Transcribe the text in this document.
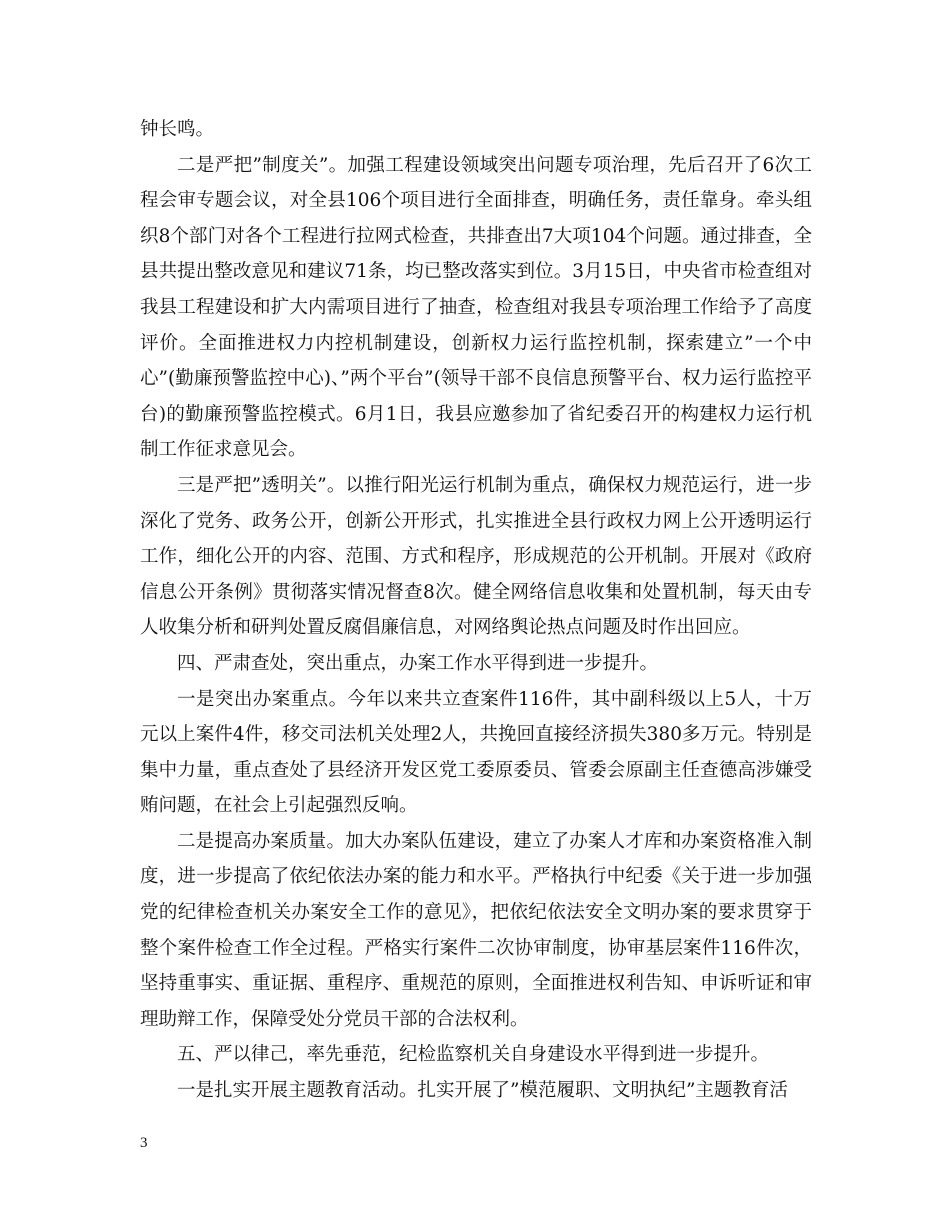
钟长鸣。

二是严把”制度关”。加强工程建设领域突出问题专项治理，先后召开了6次工程会审专题会议，对全县106个项目进行全面排查，明确任务，责任靠身。牵头组织8个部门对各个工程进行拉网式检查，共排查出7大项104个问题。通过排查，全县共提出整改意见和建议71条，均已整改落实到位。3月15日，中央省市检查组对我县工程建设和扩大内需项目进行了抽查，检查组对我县专项治理工作给予了高度评价。全面推进权力内控机制建设，创新权力运行监控机制，探索建立”一个中心”(勤廉预警监控中心)、”两个平台”(领导干部不良信息预警平台、权力运行监控平台)的勤廉预警监控模式。6月1日，我县应邀参加了省纪委召开的构建权力运行机制工作征求意见会。

三是严把”透明关”。以推行阳光运行机制为重点，确保权力规范运行，进一步深化了党务、政务公开，创新公开形式，扎实推进全县行政权力网上公开透明运行工作，细化公开的内容、范围、方式和程序，形成规范的公开机制。开展对《政府信息公开条例》贯彻落实情况督查8次。健全网络信息收集和处置机制，每天由专人收集分析和研判处置反腐倡廉信息，对网络舆论热点问题及时作出回应。

四、严肃查处，突出重点，办案工作水平得到进一步提升。

一是突出办案重点。今年以来共立查案件116件，其中副科级以上5人，十万元以上案件4件，移交司法机关处理2人，共挽回直接经济损失380多万元。特别是集中力量，重点查处了县经济开发区党工委原委员、管委会原副主任查德高涉嫌受贿问题，在社会上引起强烈反响。

二是提高办案质量。加大办案队伍建设，建立了办案人才库和办案资格准入制度，进一步提高了依纪依法办案的能力和水平。严格执行中纪委《关于进一步加强党的纪律检查机关办案安全工作的意见》，把依纪依法安全文明办案的要求贯穿于整个案件检查工作全过程。严格实行案件二次协审制度，协审基层案件116件次，坚持重事实、重证据、重程序、重规范的原则，全面推进权利告知、申诉听证和审理助辩工作，保障受处分党员干部的合法权利。

五、严以律己，率先垂范，纪检监察机关自身建设水平得到进一步提升。

一是扎实开展主题教育活动。扎实开展了”模范履职、文明执纪”主题教育活

3
